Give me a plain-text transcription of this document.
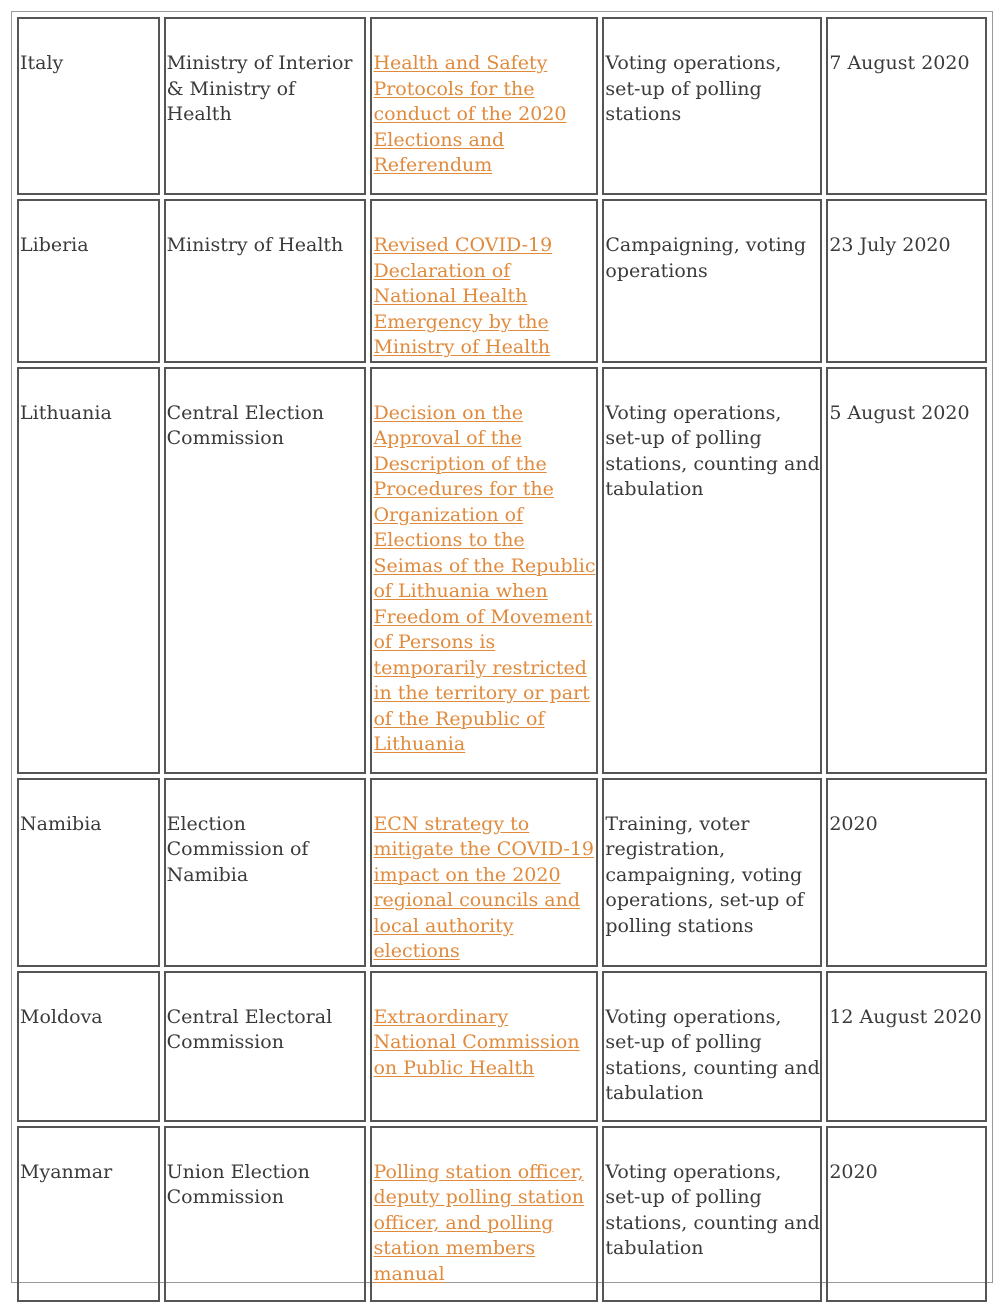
Italy	Ministry of Interior & Ministry of Health	Health and Safety Protocols for the conduct of the 2020 Elections and Referendum	Voting operations, set-up of polling stations	7 August 2020
Liberia	Ministry of Health	Revised COVID-19 Declaration of National Health Emergency by the Ministry of Health	Campaigning, voting operations	23 July 2020
Lithuania	Central Election Commission	Decision on the Approval of the Description of the Procedures for the Organization of Elections to the Seimas of the Republic of Lithuania when Freedom of Movement of Persons is temporarily restricted in the territory or part of the Republic of Lithuania	Voting operations, set-up of polling stations, counting and tabulation	5 August 2020
Namibia	Election Commission of Namibia	ECN strategy to mitigate the COVID-19 impact on the 2020 regional councils and local authority elections	Training, voter registration, campaigning, voting operations, set-up of polling stations	2020
Moldova	Central Electoral Commission	Extraordinary National Commission on Public Health	Voting operations, set-up of polling stations, counting and tabulation	12 August 2020
Myanmar	Union Election Commission	Polling station officer, deputy polling station officer, and polling station members manual	Voting operations, set-up of polling stations, counting and tabulation	2020
